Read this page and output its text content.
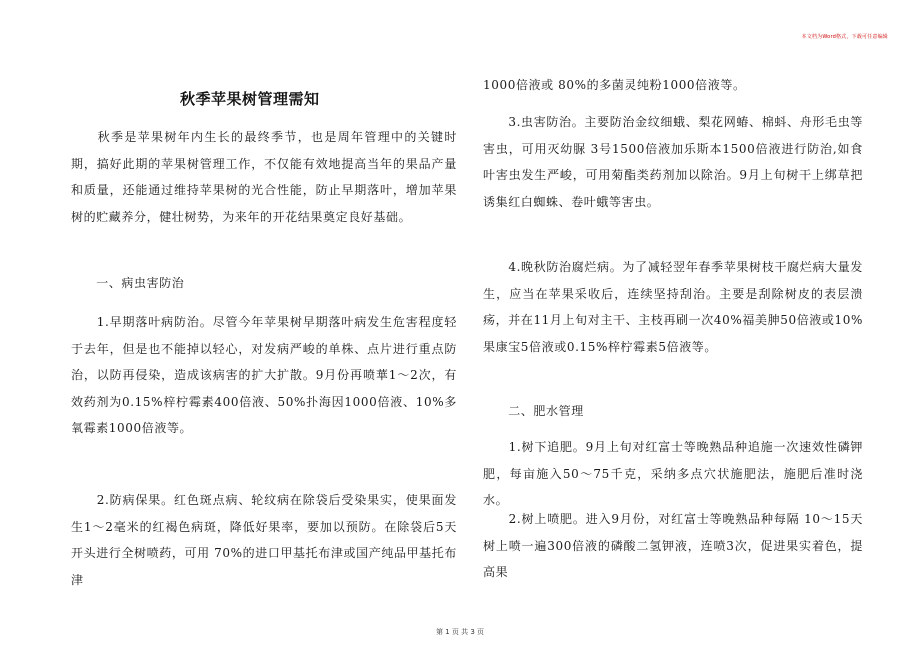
本文档为Word格式，下载可任意编辑
秋季苹果树管理需知

　　秋季是苹果树年内生长的最终季节，也是周年管理中的关键时期，搞好此期的苹果树管理工作，不仅能有效地提高当年的果品产量和质量，还能通过维持苹果树的光合性能，防止早期落叶，增加苹果树的贮藏养分，健壮树势，为来年的开花结果奠定良好基础。

　　一、病虫害防治

　　1.早期落叶病防治。尽管今年苹果树早期落叶病发生危害程度轻于去年，但是也不能掉以轻心，对发病严峻的单株、点片进行重点防治，以防再侵染，造成该病害的扩大扩散。9月份再喷華1～2次，有效药剂为0.15%梓柠霉素400倍液、50%扑海因1000倍液、10%多氧霉素1000倍液等。

　　2.防病保果。红色斑点病、轮纹病在除袋后受染果实，使果面发生1～2毫米的红褐色病斑，降低好果率，要加以预防。在除袋后5天开头进行全树喷药，可用 70%的进口甲基托布津或国产纯品甲基托布津

1000倍液或 80%的多菌灵纯粉1000倍液等。

　　3.虫害防治。主要防治金纹细蛾、梨花网蝽、棉蚪、舟形毛虫等害虫，可用灭幼脲 3号1500倍液加乐斯本1500倍液进行防治,如食叶害虫发生严峻，可用菊酯类药剂加以除治。9月上旬树干上绑草把诱集红白蜘蛛、卷叶蛾等害虫。

　　4.晚秋防治腐烂病。为了减轻翌年春季苹果树枝干腐烂病大量发生，应当在苹果采收后，连续坚持刮治。主要是刮除树皮的表层溃疡，并在11月上旬对主干、主枝再刷一次40%福美胂50倍液或10%果康宝5倍液或0.15%梓柠霉素5倍液等。

　　二、肥水管理

　　1.树下追肥。9月上旬对红富士等晚熟品种追施一次速效性磷钾肥，每亩施入50～75千克，采纳多点穴状施肥法，施肥后准时浇水。

　　2.树上喷肥。进入9月份，对红富士等晚熟品种每隔 10～15天树上喷一遍300倍液的磷酸二氢钾液，连喷3次，促进果实着色，提高果

第 1 页 共 3 页
